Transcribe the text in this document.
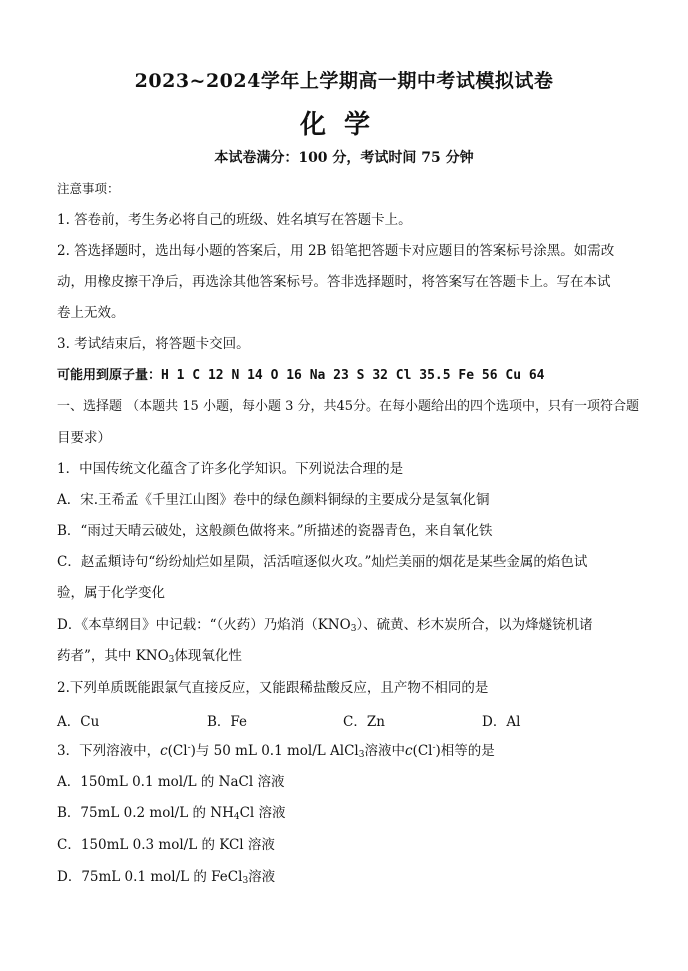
2023~2024学年上学期高一期中考试模拟试卷
化学
本试卷满分：100 分，考试时间 75 分钟
注意事项：
1. 答卷前，考生务必将自己的班级、姓名填写在答题卡上。
2. 答选择题时，选出每小题的答案后，用 2B 铅笔把答题卡对应题目的答案标号涂黑。如需改
动，用橡皮擦干净后，再选涂其他答案标号。答非选择题时，将答案写在答题卡上。写在本试
卷上无效。
3. 考试结束后，将答题卡交回。
可能用到原子量：H 1 C 12 N 14 O 16 Na 23 S 32 Cl 35.5 Fe 56 Cu 64
一、选择题 （本题共 15 小题，每小题 3 分，共45分。在每小题给出的四个选项中，只有一项符合题
目要求）
1．中国传统文化蕴含了许多化学知识。下列说法合理的是
A．宋.王希孟《千里江山图》卷中的绿色颜料铜绿的主要成分是氢氧化铜
B．“雨过天晴云破处，这般颜色做将来。”所描述的瓷器青色，来自氧化铁
C．赵孟頫诗句“纷纷灿烂如星陨，活活喧逐似火攻。”灿烂美丽的烟花是某些金属的焰色试
验，属于化学变化
D．《本草纲目》中记载：“（火药）乃焰消$(KNO_3)$、硫黄、杉木炭所合，以为烽燧铳机诸
药者”，其中 $KNO_3$体现氧化性
2.下列单质既能跟氯气直接反应，又能跟稀盐酸反应，且产物不相同的是
A．Cu	B．Fe	C．Zn	D．Al
3．下列溶液中，c(Cl-)与 50 mL 0.1 mol/L AlCl$_3$溶液中c(Cl-)相等的是
A．150mL 0.1 mol/L 的 NaCl 溶液
B．75mL 0.2 mol/L 的 $NH_4Cl$ 溶液
C．150mL 0.3 mol/L 的 KCl 溶液
D．75mL 0.1 mol/L 的 FeCl$_3$溶液
